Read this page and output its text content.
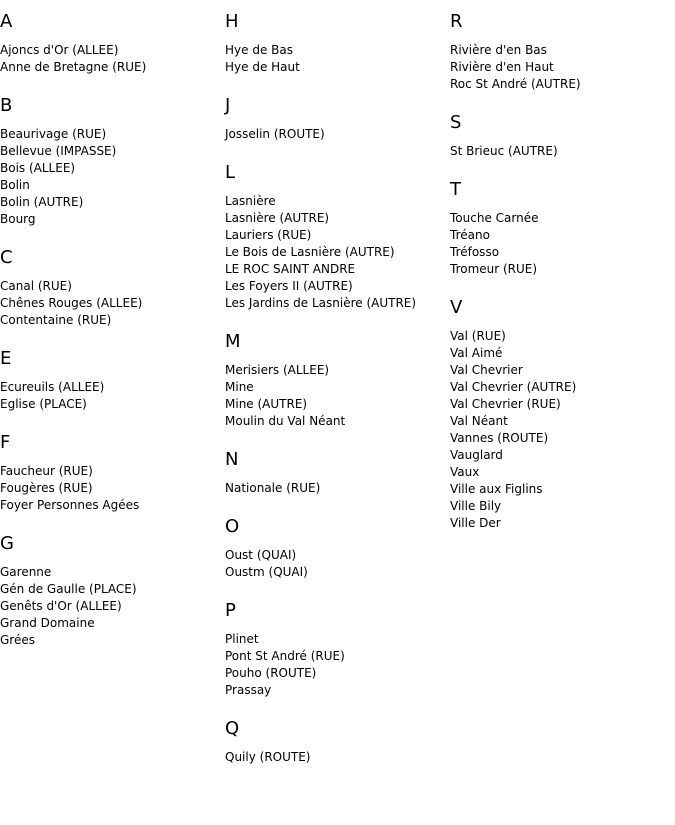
A
Ajoncs d'Or (ALLEE)
Anne de Bretagne (RUE)
B
Beaurivage (RUE)
Bellevue (IMPASSE)
Bois (ALLEE)
Bolin
Bolin (AUTRE)
Bourg
C
Canal (RUE)
Chênes Rouges (ALLEE)
Contentaine (RUE)
E
Ecureuils (ALLEE)
Eglise (PLACE)
F
Faucheur (RUE)
Fougères (RUE)
Foyer Personnes Agées
G
Garenne
Gén de Gaulle (PLACE)
Genêts d'Or (ALLEE)
Grand Domaine
Grées
H
Hye de Bas
Hye de Haut
J
Josselin (ROUTE)
L
Lasnière
Lasnière (AUTRE)
Lauriers (RUE)
Le Bois de Lasnière (AUTRE)
LE ROC SAINT ANDRE
Les Foyers II (AUTRE)
Les Jardins de Lasnière (AUTRE)
M
Merisiers (ALLEE)
Mine
Mine (AUTRE)
Moulin du Val Néant
N
Nationale (RUE)
O
Oust (QUAI)
Oustm (QUAI)
P
Plinet
Pont St André (RUE)
Pouho (ROUTE)
Prassay
Q
Quily (ROUTE)
R
Rivière d'en Bas
Rivière d'en Haut
Roc St André (AUTRE)
S
St Brieuc (AUTRE)
T
Touche Carnée
Tréano
Tréfosso
Tromeur (RUE)
V
Val (RUE)
Val Aimé
Val Chevrier
Val Chevrier (AUTRE)
Val Chevrier (RUE)
Val Néant
Vannes (ROUTE)
Vauglard
Vaux
Ville aux Figlins
Ville Bily
Ville Der
